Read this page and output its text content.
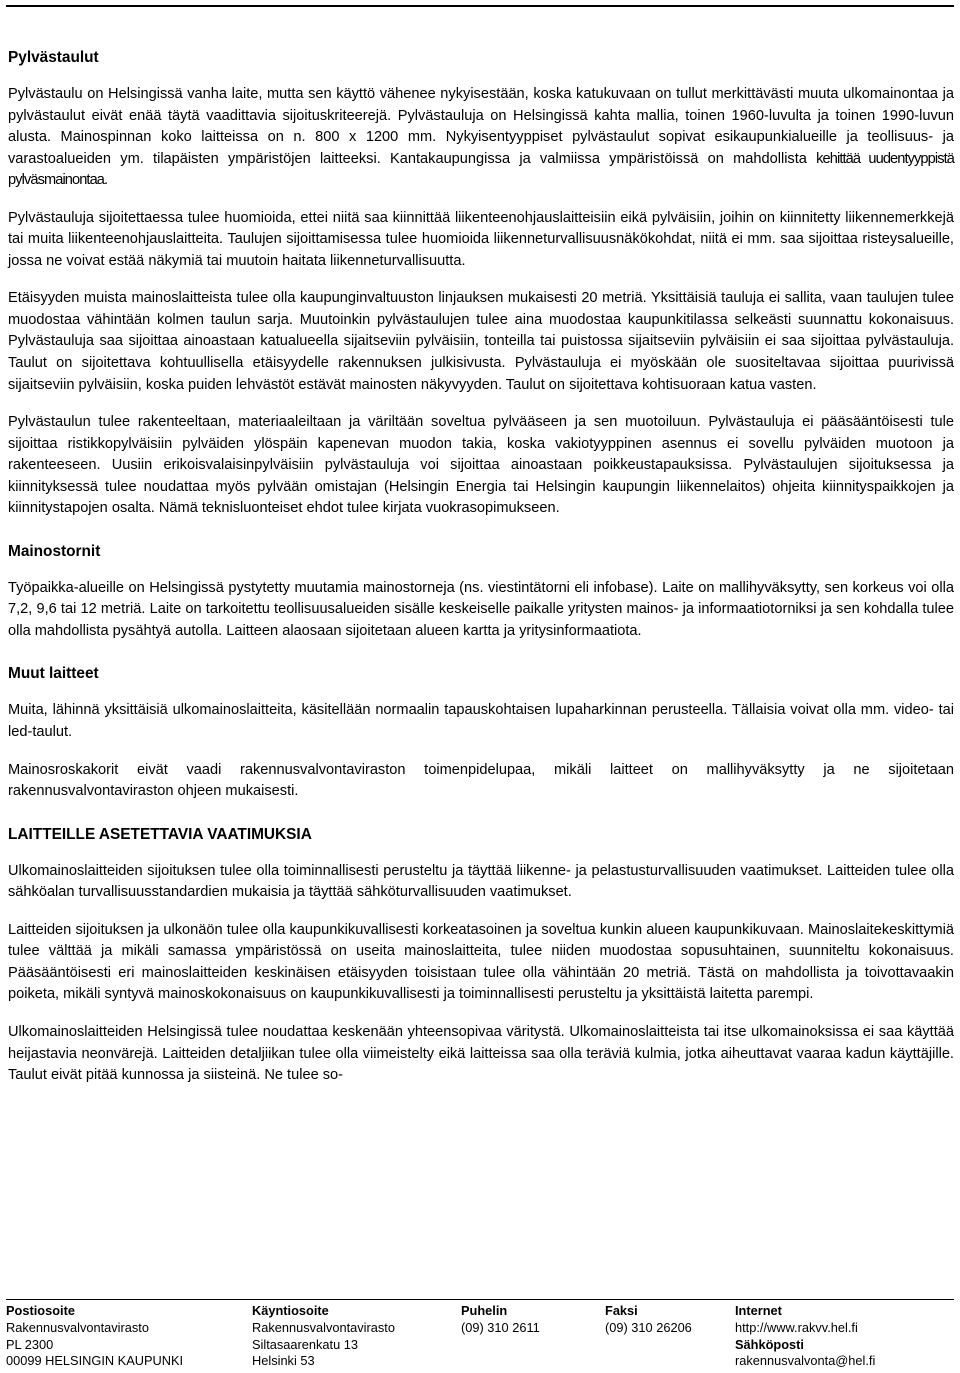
Pylvästaulut

Pylvästaulu on Helsingissä vanha laite, mutta sen käyttö vähenee nykyisestään, koska katukuvaan on tullut merkittävästi muuta ulkomainontaa ja pylvästaulut eivät enää täytä vaadittavia sijoituskriteerejä. Pylvästauluja on Helsingissä kahta mallia, toinen 1960-luvulta ja toinen 1990-luvun alusta. Mainospinnan koko laitteissa on n. 800 x 1200 mm. Nykyisentyyppiset pylvästaulut sopivat esikaupunkialueille ja teollisuus- ja varastoalueiden ym. tilapäisten ympäristöjen laitteeksi. Kantakaupungissa ja valmiissa ympäristöissä on mahdollista kehittää uudentyyppistä pylväsmainontaa.

Pylvästauluja sijoitettaessa tulee huomioida, ettei niitä saa kiinnittää liikenteenohjauslaitteisiin eikä pylväisiin, joihin on kiinnitetty liikennemerkkejä tai muita liikenteenohjauslaitteita. Taulujen sijoittamisessa tulee huomioida liikenneturvallisuusnäkökohdat, niitä ei mm. saa sijoittaa risteysalueille, jossa ne voivat estää näkymiä tai muutoin haitata liikenneturvallisuutta.

Etäisyyden muista mainoslaitteista tulee olla kaupunginvaltuuston linjauksen mukaisesti 20 metriä. Yksittäisiä tauluja ei sallita, vaan taulujen tulee muodostaa vähintään kolmen taulun sarja. Muutoinkin pylvästaulujen tulee aina muodostaa kaupunkitilassa selkeästi suunnattu kokonaisuus. Pylvästauluja saa sijoittaa ainoastaan katualueella sijaitseviin pylväisiin, tonteilla tai puistossa sijaitseviin pylväisiin ei saa sijoittaa pylvästauluja. Taulut on sijoitettava kohtuullisella etäisyydelle rakennuksen julkisivusta. Pylvästauluja ei myöskään ole suositeltavaa sijoittaa puurivissä sijaitseviin pylväisiin, koska puiden lehvästöt estävät mainosten näkyvyyden. Taulut on sijoitettava kohtisuoraan katua vasten.

Pylvästaulun tulee rakenteeltaan, materiaaleiltaan ja väriltään soveltua pylvääseen ja sen muotoiluun. Pylvästauluja ei pääsääntöisesti tule sijoittaa ristikkopylväisiin pylväiden ylöspäin kapenevan muodon takia, koska vakiotyyppinen asennus ei sovellu pylväiden muotoon ja rakenteeseen. Uusiin erikoisvalaisinpylväisiin pylvästauluja voi sijoittaa ainoastaan poikkeustapauksissa. Pylvästaulujen sijoituksessa ja kiinnityksessä tulee noudattaa myös pylvään omistajan (Helsingin Energia tai Helsingin kaupungin liikennelaitos) ohjeita kiinnityspaikkojen ja kiinnitystapojen osalta. Nämä teknisluonteiset ehdot tulee kirjata vuokrasopimukseen.

Mainostornit

Työpaikka-alueille on Helsingissä pystytetty muutamia mainostorneja (ns. viestintätorni eli infobase). Laite on mallihyväksytty, sen korkeus voi olla 7,2, 9,6 tai 12 metriä. Laite on tarkoitettu teollisuusalueiden sisälle keskeiselle paikalle yritysten mainos- ja informaatiotorniksi ja sen kohdalla tulee olla mahdollista pysähtyä autolla. Laitteen alaosaan sijoitetaan alueen kartta ja yritysinformaatiota.

Muut laitteet

Muita, lähinnä yksittäisiä ulkomainoslaitteita, käsitellään normaalin tapauskohtaisen lupaharkinnan perusteella. Tällaisia voivat olla mm. video- tai led-taulut.

Mainosroskakorit eivät vaadi rakennusvalvontaviraston toimenpidelupaa, mikäli laitteet on mallihyväksytty ja ne sijoitetaan rakennusvalvontaviraston ohjeen mukaisesti.

LAITTEILLE ASETETTAVIA VAATIMUKSIA

Ulkomainoslaitteiden sijoituksen tulee olla toiminnallisesti perusteltu ja täyttää liikenne- ja pelastusturvallisuuden vaatimukset. Laitteiden tulee olla sähköalan turvallisuusstandardien mukaisia ja täyttää sähköturvallisuuden vaatimukset.

Laitteiden sijoituksen ja ulkonäön tulee olla kaupunkikuvallisesti korkeatasoinen ja soveltua kunkin alueen kaupunkikuvaan. Mainoslaitekeskittymiä tulee välttää ja mikäli samassa ympäristössä on useita mainoslaitteita, tulee niiden muodostaa sopusuhtainen, suunniteltu kokonaisuus. Pääsääntöisesti eri mainoslaitteiden keskinäisen etäisyyden toisistaan tulee olla vähintään 20 metriä. Tästä on mahdollista ja toivottavaakin poiketa, mikäli syntyvä mainoskokonaisuus on kaupunkikuvallisesti ja toiminnallisesti perusteltu ja yksittäistä laitetta parempi.

Ulkomainoslaitteiden Helsingissä tulee noudattaa keskenään yhteensopivaa väritystä. Ulkomainoslaitteista tai itse ulkomainoksissa ei saa käyttää heijastavia neonvärejä. Laitteiden detaljiikan tulee olla viimeistelty eikä laitteissa saa olla teräviä kulmia, jotka aiheuttavat vaaraa kadun käyttäjille. Taulut eivät pitää kunnossa ja siisteinä. Ne tulee so-

Postiosoite
Rakennusvalvontavirasto
PL 2300
00099 HELSINGIN KAUPUNKI
Käyntiosoite
Rakennusvalvontavirasto
Siltasaarenkatu 13
Helsinki 53
Puhelin
(09) 310 2611
Faksi
(09) 310 26206
Internet
http://www.rakvv.hel.fi
Sähköposti
rakennusvalvonta@hel.fi
